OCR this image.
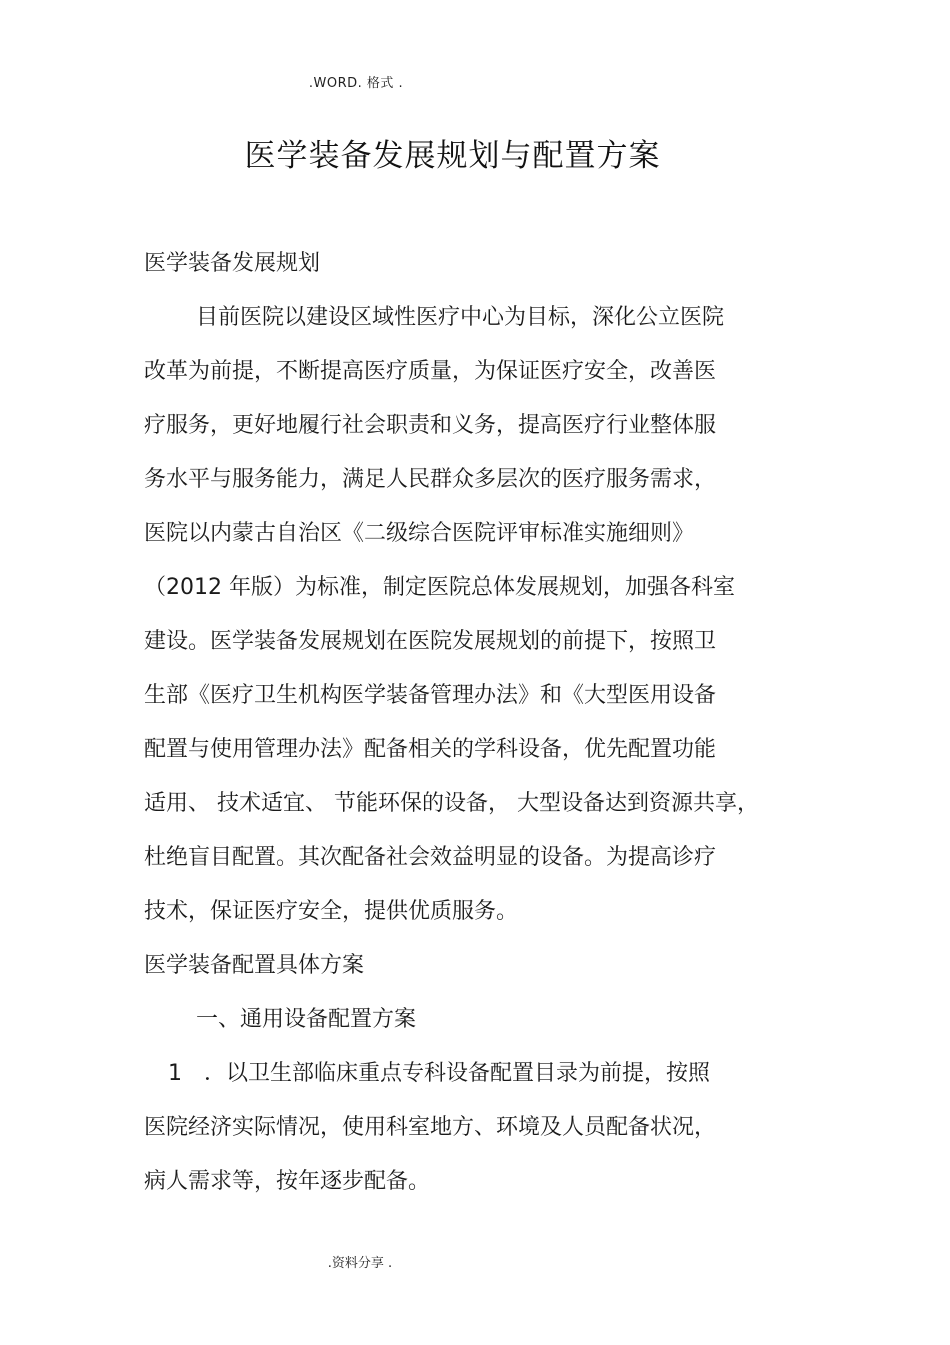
.WORD. 格式 .
医学装备发展规划与配置方案
医学装备发展规划
目前医院以建设区域性医疗中心为目标，深化公立医院
改革为前提，不断提高医疗质量，为保证医疗安全，改善医
疗服务，更好地履行社会职责和义务，提高医疗行业整体服
务水平与服务能力，满足人民群众多层次的医疗服务需求，
医院以内蒙古自治区《二级综合医院评审标准实施细则》
（2012 年版）为标准，制定医院总体发展规划，加强各科室
建设。医学装备发展规划在医院发展规划的前提下，按照卫
生部《医疗卫生机构医学装备管理办法》和《大型医用设备
配置与使用管理办法》配备相关的学科设备，优先配置功能
适用、 技术适宜、 节能环保的设备， 大型设备达到资源共享，
杜绝盲目配置。其次配备社会效益明显的设备。为提高诊疗
技术，保证医疗安全，提供优质服务。
医学装备配置具体方案
一、通用设备配置方案
1　．以卫生部临床重点专科设备配置目录为前提，按照
医院经济实际情况，使用科室地方、环境及人员配备状况，
病人需求等，按年逐步配备。
.资料分享 .
